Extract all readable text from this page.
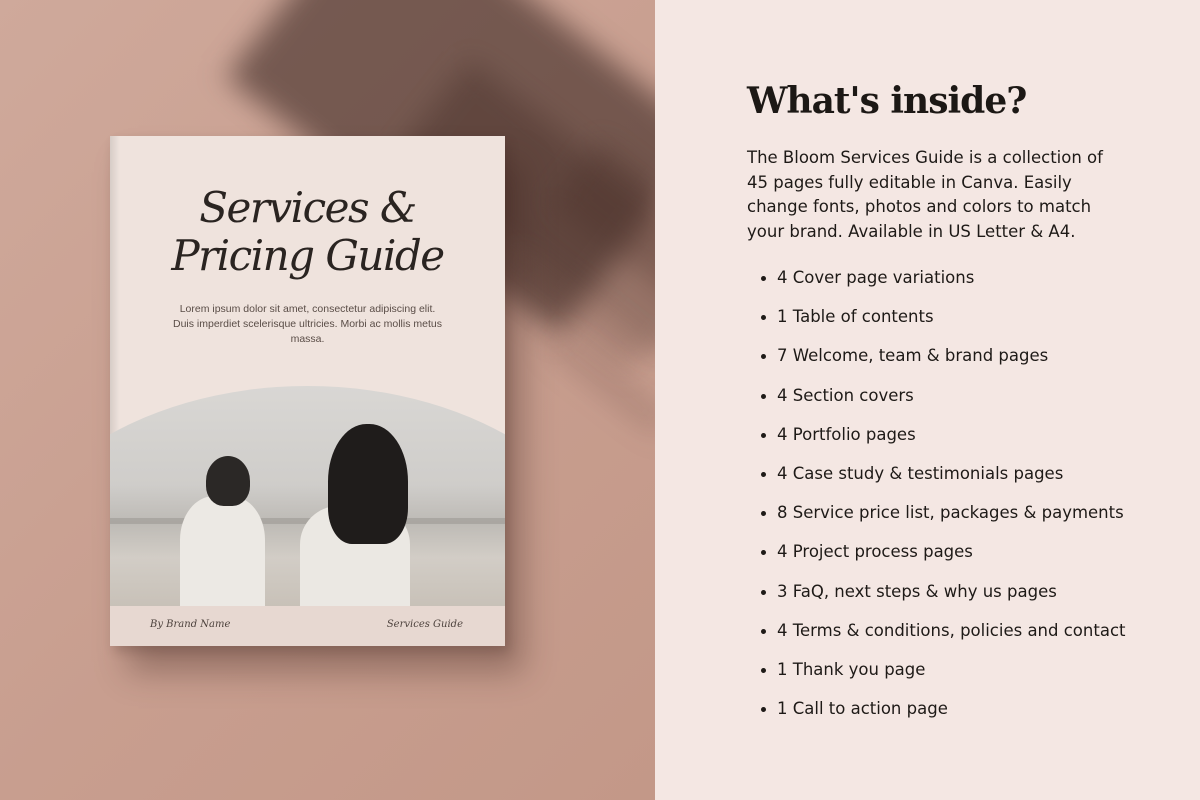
Services &
Pricing Guide
Lorem ipsum dolor sit amet, consectetur adipiscing elit. Duis imperdiet scelerisque ultricies. Morbi ac mollis metus massa.
By Brand Name	Services Guide
What's inside?

The Bloom Services Guide is a collection of 45 pages fully editable in Canva. Easily change fonts, photos and colors to match your brand. Available in US Letter & A4.

4 Cover page variations
1 Table of contents
7 Welcome, team & brand pages
4 Section covers
4 Portfolio pages
4 Case study & testimonials pages
8 Service price list, packages & payments
4 Project process pages
3 FaQ, next steps & why us pages
4 Terms & conditions, policies and contact
1 Thank you page
1 Call to action page
